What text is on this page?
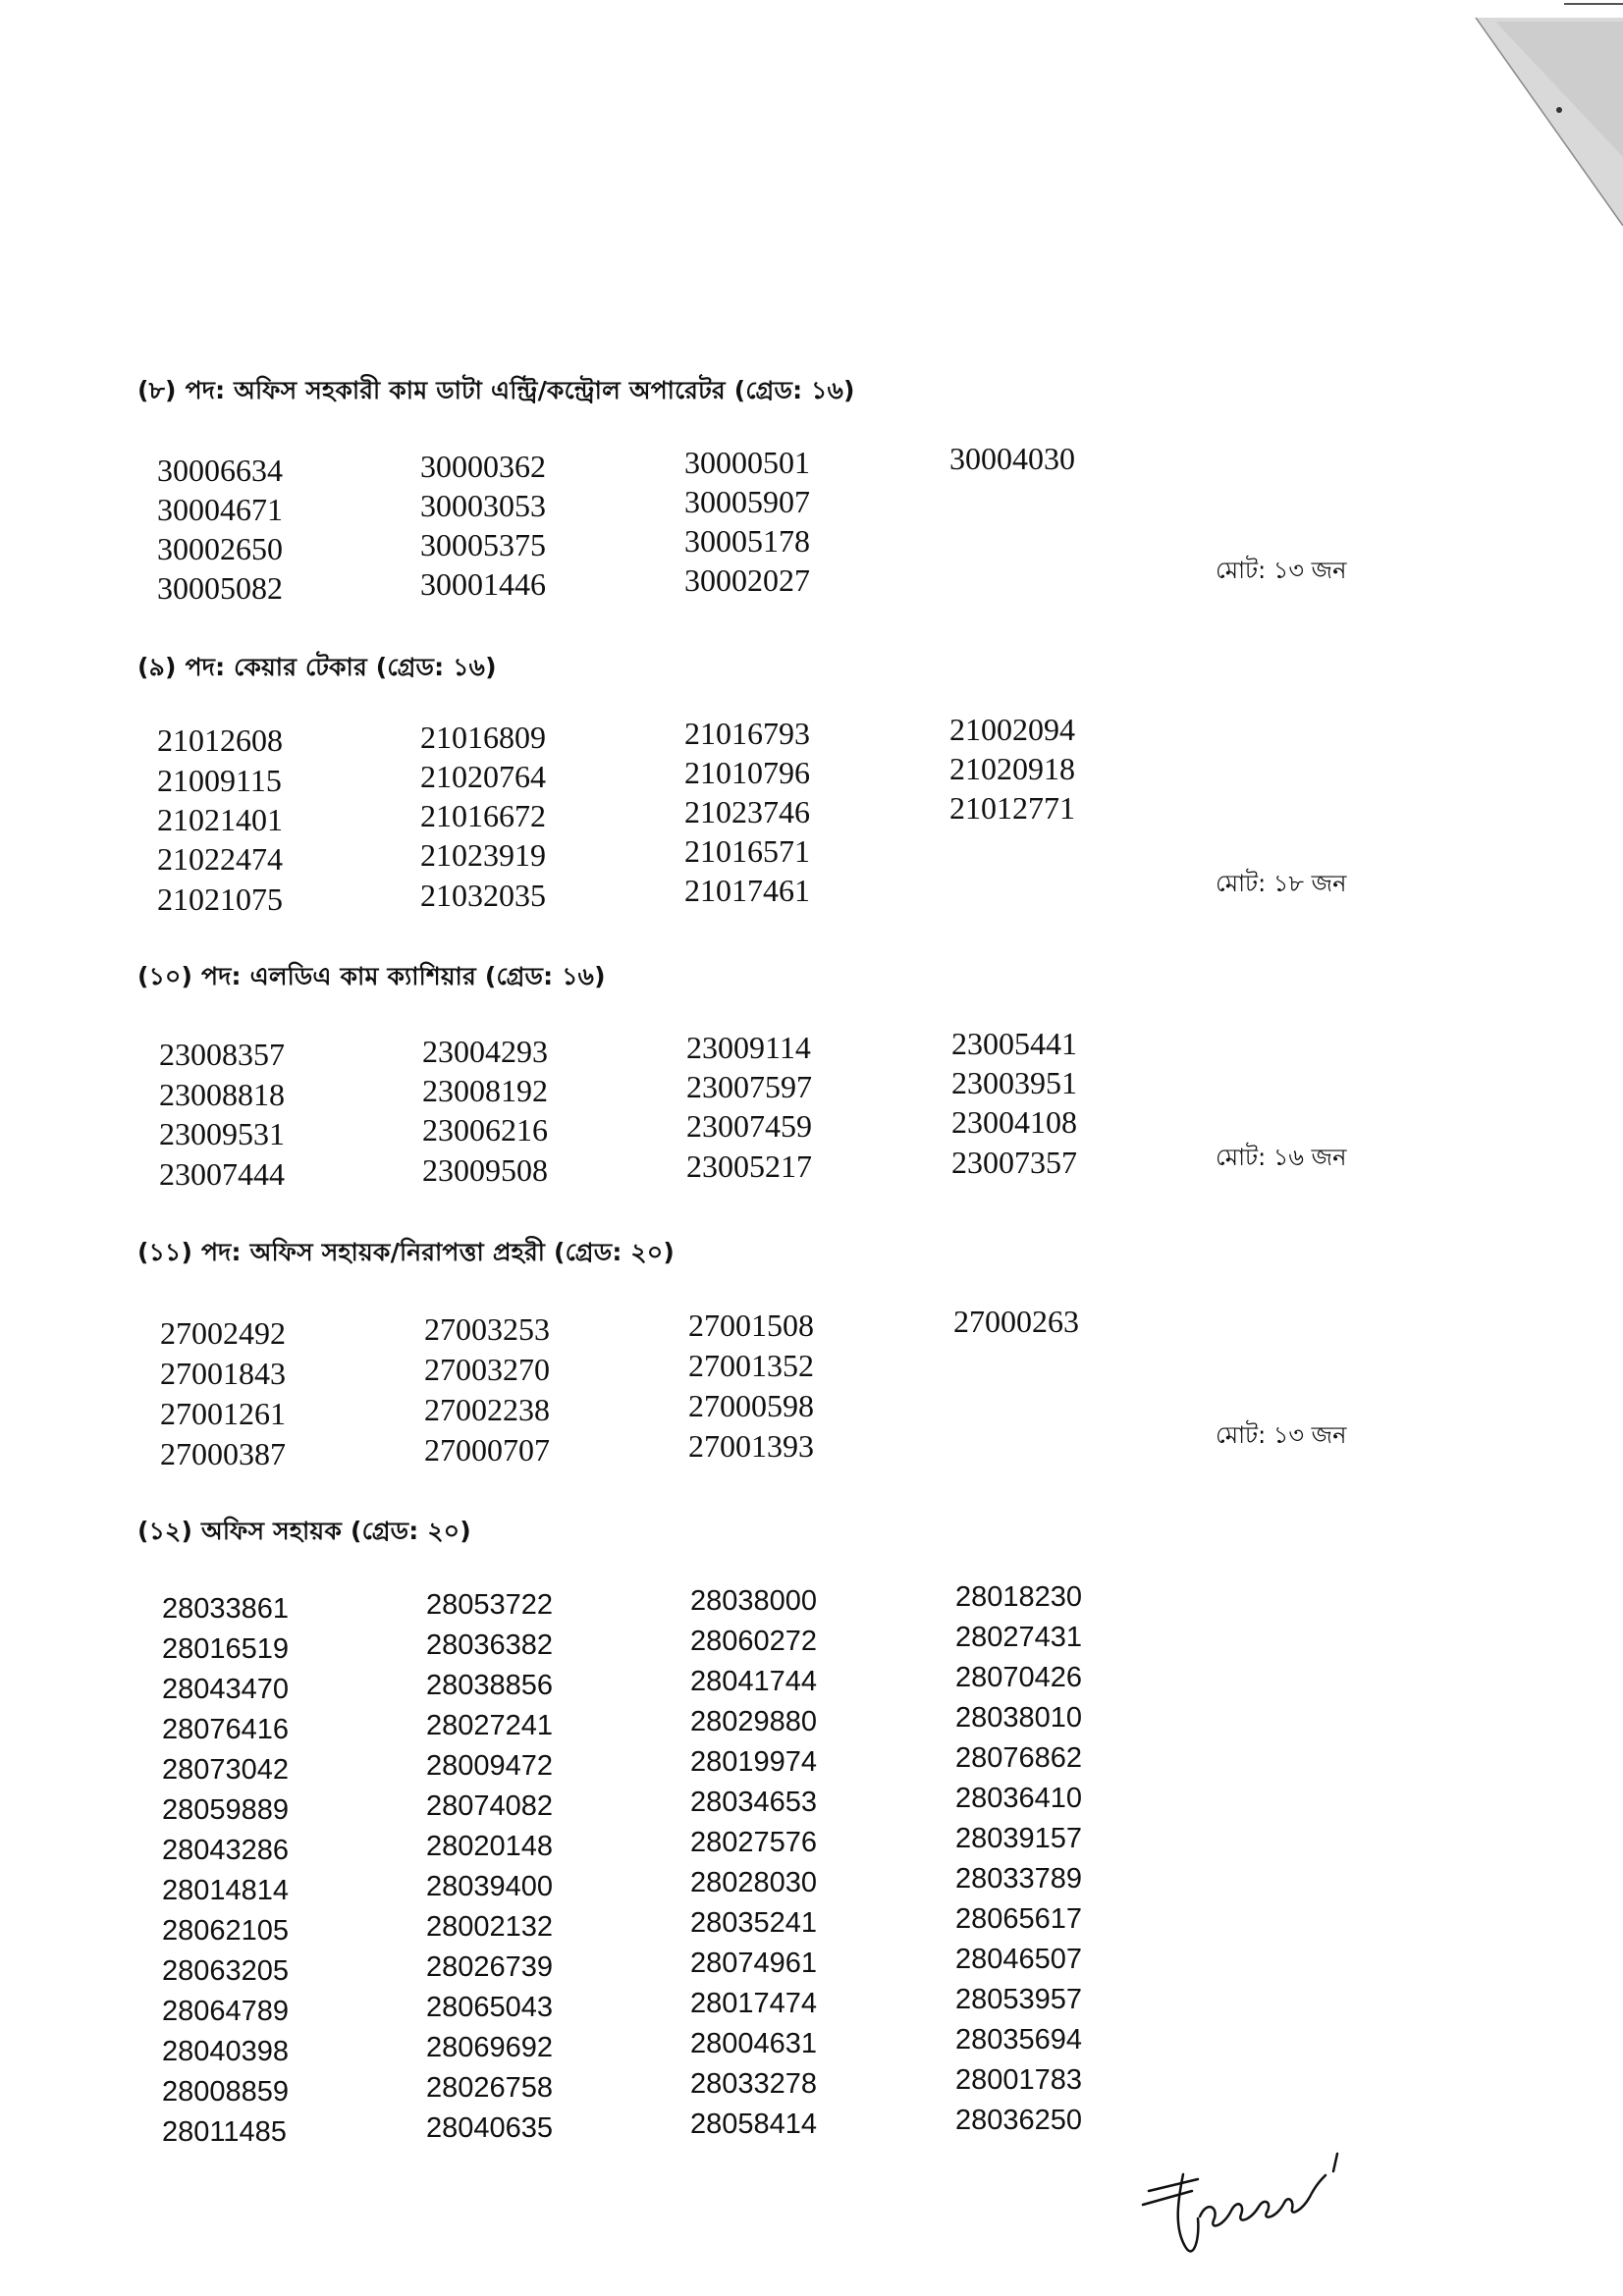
(৮) পদ: অফিস সহকারী কাম ডাটা এন্ট্রি/কন্ট্রোল অপারেটর (গ্রেড: ১৬)
30006634
30004671
30002650
30005082
30000362
30003053
30005375
30001446
30000501
30005907
30005178
30002027
30004030
মোট: ১৩ জন
(৯) পদ: কেয়ার টেকার (গ্রেড: ১৬)
21012608
21009115
21021401
21022474
21021075
21016809
21020764
21016672
21023919
21032035
21016793
21010796
21023746
21016571
21017461
21002094
21020918
21012771
মোট: ১৮ জন
(১০) পদ: এলডিএ কাম ক্যাশিয়ার (গ্রেড: ১৬)
23008357
23008818
23009531
23007444
23004293
23008192
23006216
23009508
23009114
23007597
23007459
23005217
23005441
23003951
23004108
23007357	মোট: ১৬ জন
(১১) পদ: অফিস সহায়ক/নিরাপত্তা প্রহরী (গ্রেড: ২০)
27002492
27001843
27001261
27000387
27003253
27003270
27002238
27000707
27001508
27001352
27000598
27001393
27000263
মোট: ১৩ জন
(১২) অফিস সহায়ক (গ্রেড: ২০)
28033861
28016519
28043470
28076416
28073042
28059889
28043286
28014814
28062105
28063205
28064789
28040398
28008859
28011485
28053722
28036382
28038856
28027241
28009472
28074082
28020148
28039400
28002132
28026739
28065043
28069692
28026758
28040635
28038000
28060272
28041744
28029880
28019974
28034653
28027576
28028030
28035241
28074961
28017474
28004631
28033278
28058414
28018230
28027431
28070426
28038010
28076862
28036410
28039157
28033789
28065617
28046507
28053957
28035694
28001783
28036250
